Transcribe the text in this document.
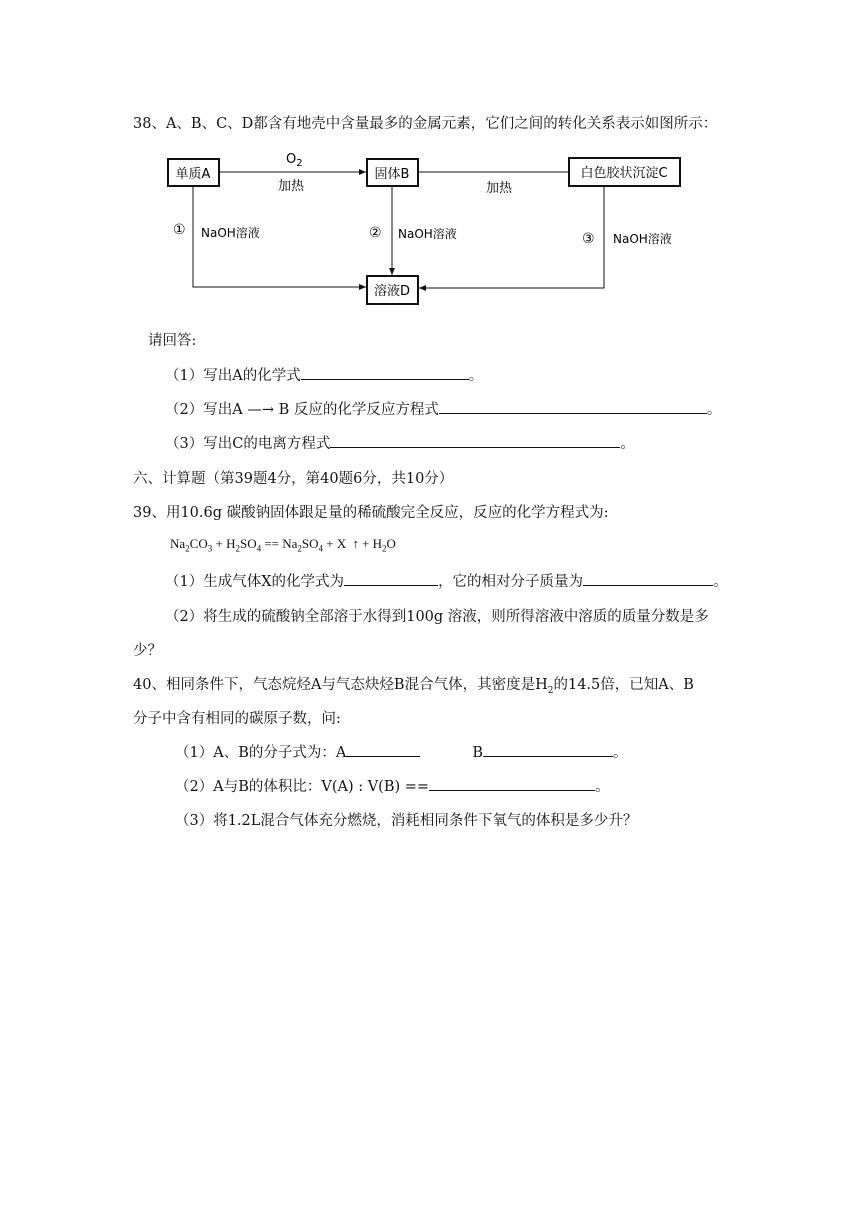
38、A、B、C、D都含有地壳中含量最多的金属元素，它们之间的转化关系表示如图所示：
单质A	固体B	白色胶状沉淀C
溶液D
$O_2$
加热	加热
① NaOH溶液	② NaOH溶液	③ NaOH溶液
请回答:
（1）写出A的化学式	。
（2）写出A —→ B 反应的化学反应方程式	。
（3）写出C的电离方程式	。
六、计算题（第39题4分，第40题6分，共10分）
39、用10.6g 碳酸钠固体跟足量的稀硫酸完全反应，反应的化学方程式为:
$Na_2CO_3 + H_2SO_4 == Na_2SO_4 + X$ ↑ + $H_2O$
（1）生成气体X的化学式为	，它的相对分子质量为	。
（2）将生成的硫酸钠全部溶于水得到100g 溶液，则所得溶液中溶质的质量分数是多
少？
40、相同条件下，气态烷烃A与气态炔烃B混合气体，其密度是$H_2$的14.5倍，已知A、B
分子中含有相同的碳原子数，问:
（1）A、B的分子式为：A	B	。
（2）A与B的体积比：V(A) : V(B) ==	。
（3）将1.2L混合气体充分燃烧，消耗相同条件下氧气的体积是多少升？
